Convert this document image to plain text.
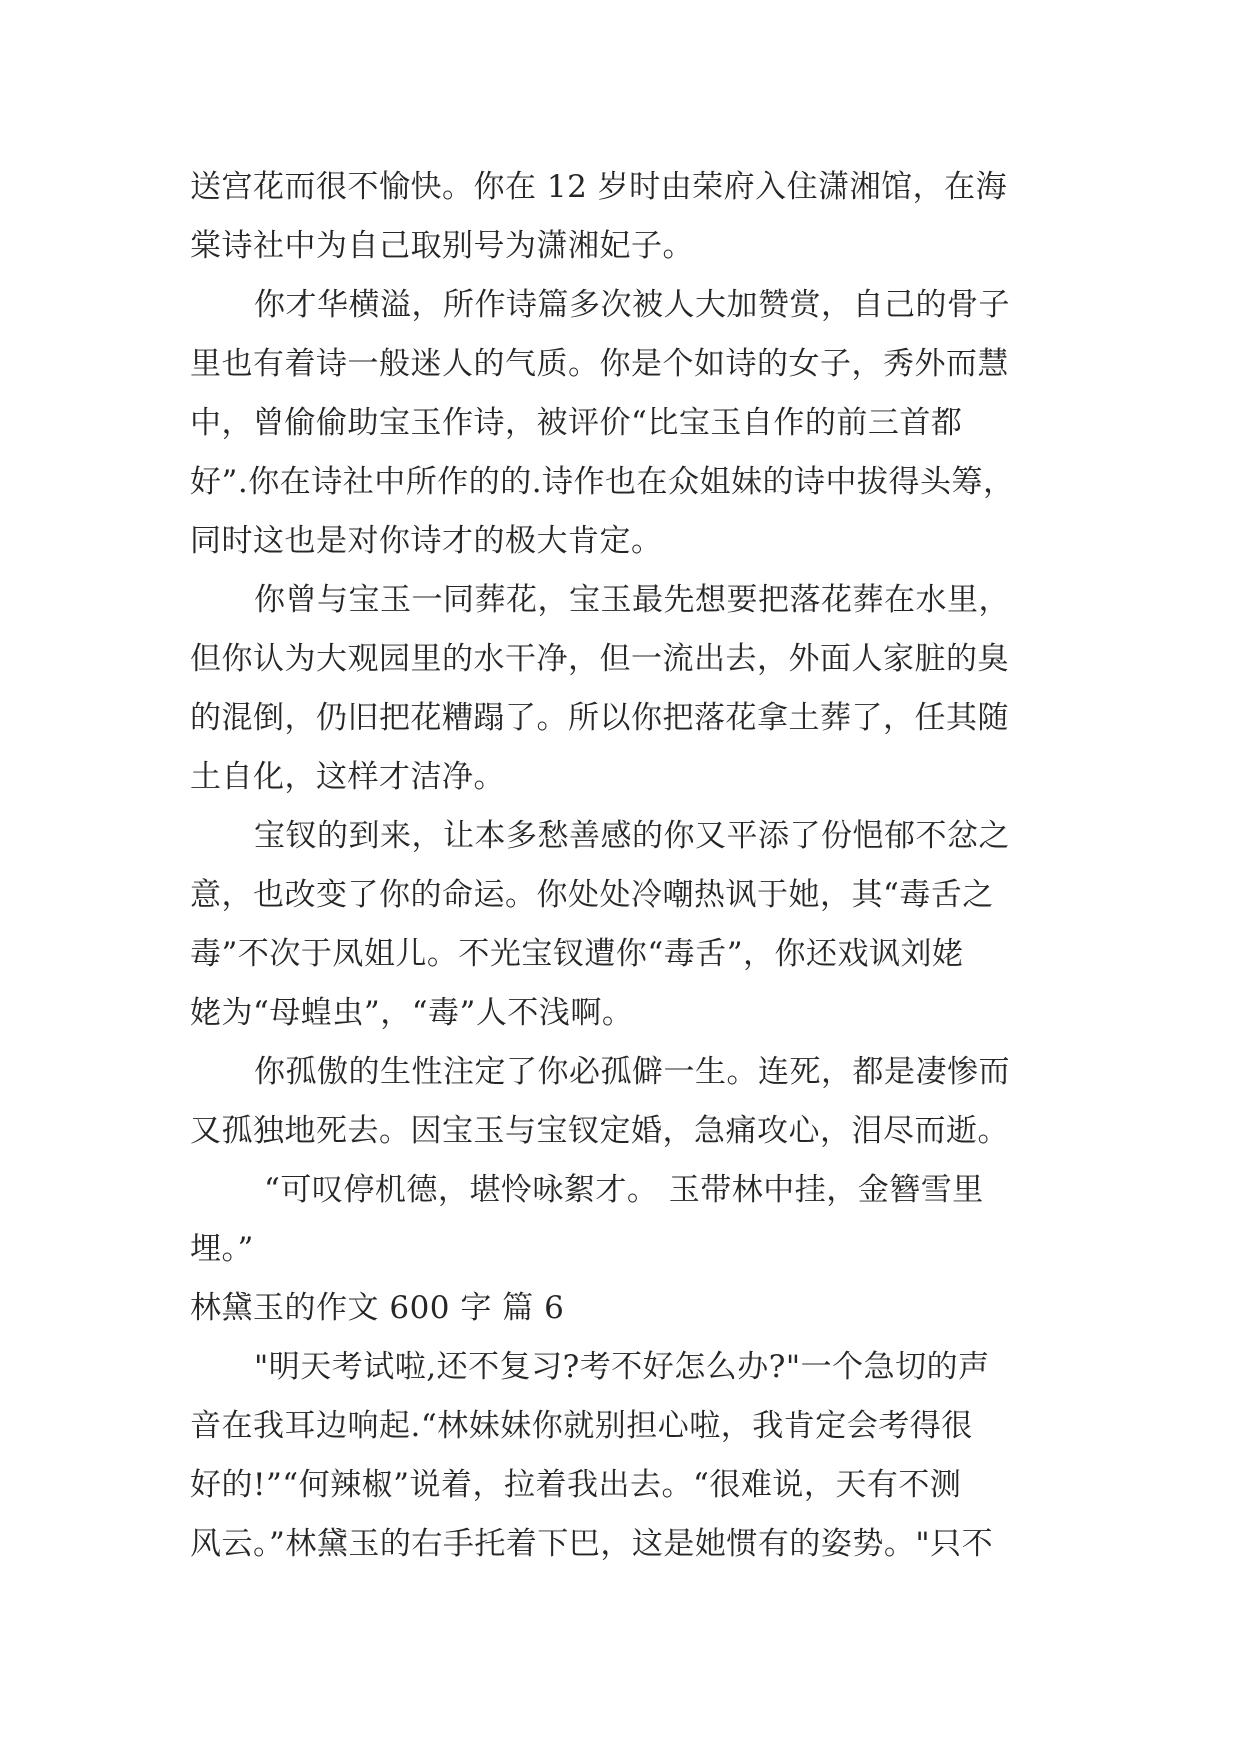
送宫花而很不愉快。你在 12 岁时由荣府入住潇湘馆，在海
棠诗社中为自己取别号为潇湘妃子。
你才华横溢，所作诗篇多次被人大加赞赏，自己的骨子
里也有着诗一般迷人的气质。你是个如诗的女子，秀外而慧
中，曾偷偷助宝玉作诗，被评价“比宝玉自作的前三首都
好”.你在诗社中所作的的.诗作也在众姐妹的诗中拔得头筹，
同时这也是对你诗才的极大肯定。
你曾与宝玉一同葬花，宝玉最先想要把落花葬在水里，
但你认为大观园里的水干净，但一流出去，外面人家脏的臭
的混倒，仍旧把花糟蹋了。所以你把落花拿土葬了，任其随
土自化，这样才洁净。
宝钗的到来，让本多愁善感的你又平添了份悒郁不忿之
意，也改变了你的命运。你处处冷嘲热讽于她，其“毒舌之
毒”不次于凤姐儿。不光宝钗遭你“毒舌”，你还戏讽刘姥
姥为“母蝗虫”，“毒”人不浅啊。
你孤傲的生性注定了你必孤僻一生。连死，都是凄惨而
又孤独地死去。因宝玉与宝钗定婚，急痛攻心，泪尽而逝。
“可叹停机德，堪怜咏絮才。 玉带林中挂，金簪雪里
埋。”
林黛玉的作文 600 字 篇 6
"明天考试啦,还不复习?考不好怎么办?"一个急切的声
音在我耳边响起.“林妹妹你就别担心啦，我肯定会考得很
好的!”“何辣椒”说着，拉着我出去。“很难说，天有不测
风云。”林黛玉的右手托着下巴，这是她惯有的姿势。"只不
